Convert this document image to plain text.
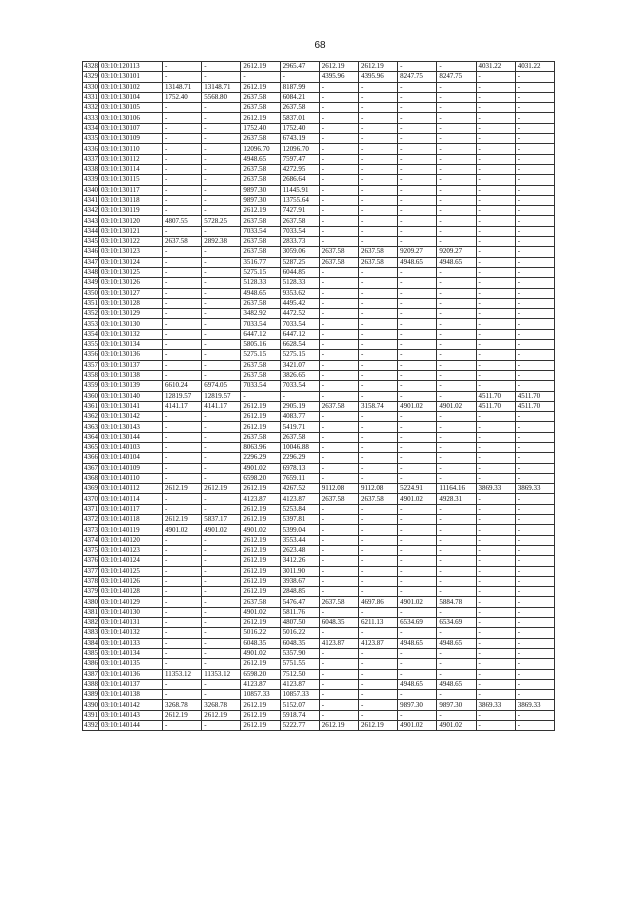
68
4328	03:10:120113	-	-	2612.19	2965.47	2612.19	2612.19	-	-	4031.22	4031.22
4329	03:10:130101	-	-	-	-	4395.96	4395.96	8247.75	8247.75	-	-
4330	03:10:130102	13148.71	13148.71	2612.19	8187.99	-	-	-	-	-	-
4331	03:10:130104	1752.40	5568.80	2637.58	6084.21	-	-	-	-	-	-
4332	03:10:130105	-	-	2637.58	2637.58	-	-	-	-	-	-
4333	03:10:130106	-	-	2612.19	5837.01	-	-	-	-	-	-
4334	03:10:130107	-	-	1752.40	1752.40	-	-	-	-	-	-
4335	03:10:130109	-	-	2637.58	6743.19	-	-	-	-	-	-
4336	03:10:130110	-	-	12096.70	12096.70	-	-	-	-	-	-
4337	03:10:130112	-	-	4948.65	7597.47	-	-	-	-	-	-
4338	03:10:130114	-	-	2637.58	4272.95	-	-	-	-	-	-
4339	03:10:130115	-	-	2637.58	2686.64	-	-	-	-	-	-
4340	03:10:130117	-	-	9897.30	11445.91	-	-	-	-	-	-
4341	03:10:130118	-	-	9897.30	13755.64	-	-	-	-	-	-
4342	03:10:130119	-	-	2612.19	7427.91	-	-	-	-	-	-
4343	03:10:130120	4807.55	5728.25	2637.58	2637.58	-	-	-	-	-	-
4344	03:10:130121	-	-	7033.54	7033.54	-	-	-	-	-	-
4345	03:10:130122	2637.58	2892.38	2637.58	2833.73	-	-	-	-	-	-
4346	03:10:130123	-	-	2637.58	3059.06	2637.58	2637.58	9209.27	9209.27	-	-
4347	03:10:130124	-	-	3516.77	5287.25	2637.58	2637.58	4948.65	4948.65	-	-
4348	03:10:130125	-	-	5275.15	6044.85	-	-	-	-	-	-
4349	03:10:130126	-	-	5128.33	5128.33	-	-	-	-	-	-
4350	03:10:130127	-	-	4948.65	9353.62	-	-	-	-	-	-
4351	03:10:130128	-	-	2637.58	4495.42	-	-	-	-	-	-
4352	03:10:130129	-	-	3482.92	4472.52	-	-	-	-	-	-
4353	03:10:130130	-	-	7033.54	7033.54	-	-	-	-	-	-
4354	03:10:130132	-	-	6447.12	6447.12	-	-	-	-	-	-
4355	03:10:130134	-	-	5805.16	6628.54	-	-	-	-	-	-
4356	03:10:130136	-	-	5275.15	5275.15	-	-	-	-	-	-
4357	03:10:130137	-	-	2637.58	3421.07	-	-	-	-	-	-
4358	03:10:130138	-	-	2637.58	3826.65	-	-	-	-	-	-
4359	03:10:130139	6610.24	6974.05	7033.54	7033.54	-	-	-	-	-	-
4360	03:10:130140	12819.57	12819.57	-	-	-	-	-	-	4511.70	4511.70
4361	03:10:130141	4141.17	4141.17	2612.19	2905.19	2637.58	3158.74	4901.02	4901.02	4511.70	4511.70
4362	03:10:130142	-	-	2612.19	4083.77	-	-	-	-	-	-
4363	03:10:130143	-	-	2612.19	5419.71	-	-	-	-	-	-
4364	03:10:130144	-	-	2637.58	2637.58	-	-	-	-	-	-
4365	03:10:140103	-	-	8063.96	10046.88	-	-	-	-	-	-
4366	03:10:140104	-	-	2296.29	2296.29	-	-	-	-	-	-
4367	03:10:140109	-	-	4901.02	6978.13	-	-	-	-	-	-
4368	03:10:140110	-	-	6598.20	7659.11	-	-	-	-	-	-
4369	03:10:140112	2612.19	2612.19	2612.19	4267.52	9112.08	9112.08	5224.91	11164.16	3869.33	3869.33
4370	03:10:140114	-	-	4123.87	4123.87	2637.58	2637.58	4901.02	4928.31	-	-
4371	03:10:140117	-	-	2612.19	5253.84	-	-	-	-	-	-
4372	03:10:140118	2612.19	5837.17	2612.19	5397.81	-	-	-	-	-	-
4373	03:10:140119	4901.02	4901.02	4901.02	5399.04	-	-	-	-	-	-
4374	03:10:140120	-	-	2612.19	3553.44	-	-	-	-	-	-
4375	03:10:140123	-	-	2612.19	2623.48	-	-	-	-	-	-
4376	03:10:140124	-	-	2612.19	3412.26	-	-	-	-	-	-
4377	03:10:140125	-	-	2612.19	3011.90	-	-	-	-	-	-
4378	03:10:140126	-	-	2612.19	3938.67	-	-	-	-	-	-
4379	03:10:140128	-	-	2612.19	2848.85	-	-	-	-	-	-
4380	03:10:140129	-	-	2637.58	5476.47	2637.58	4697.86	4901.02	5884.78	-	-
4381	03:10:140130	-	-	4901.02	5811.76	-	-	-	-	-	-
4382	03:10:140131	-	-	2612.19	4807.50	6048.35	6211.13	6534.69	6534.69	-	-
4383	03:10:140132	-	-	5016.22	5016.22	-	-	-	-	-	-
4384	03:10:140133	-	-	6048.35	6048.35	4123.87	4123.87	4948.65	4948.65	-	-
4385	03:10:140134	-	-	4901.02	5357.90	-	-	-	-	-	-
4386	03:10:140135	-	-	2612.19	5751.55	-	-	-	-	-	-
4387	03:10:140136	11353.12	11353.12	6598.20	7512.50	-	-	-	-	-	-
4388	03:10:140137	-	-	4123.87	4123.87	-	-	4948.65	4948.65	-	-
4389	03:10:140138	-	-	10857.33	10857.33	-	-	-	-	-	-
4390	03:10:140142	3268.78	3268.78	2612.19	5152.07	-	-	9897.30	9897.30	3869.33	3869.33
4391	03:10:140143	2612.19	2612.19	2612.19	5918.74	-	-	-	-	-	-
4392	03:10:140144	-	-	2612.19	5222.77	2612.19	2612.19	4901.02	4901.02	-	-
